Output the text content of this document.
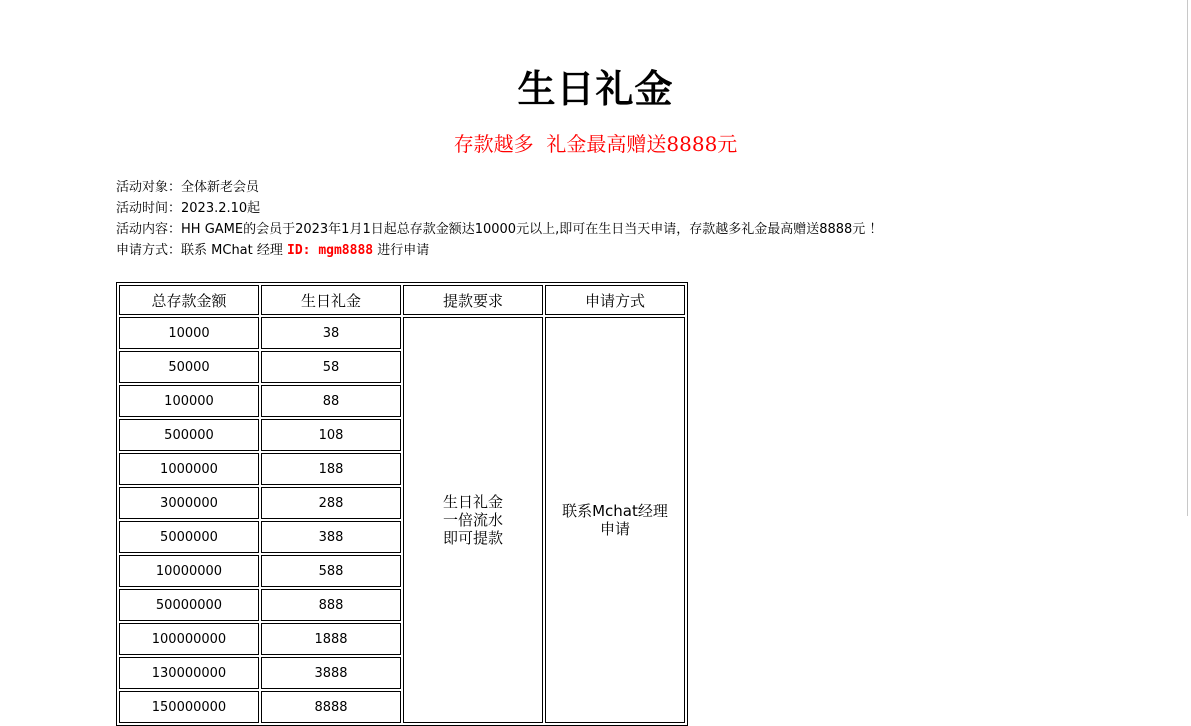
生日礼金
存款越多  礼金最高赠送8888元
活动对象：全体新老会员
活动时间：2023.2.10起
活动内容：HH GAME的会员于2023年1月1日起总存款金额达10000元以上,即可在生日当天申请，存款越多礼金最高赠送8888元 ！
申请方式：联系 MChat 经理 ID: mgm8888 进行申请
总存款金额	生日礼金	提款要求	申请方式
10000	38	生日礼金一倍流水即可提款	联系Mchat经理申请
50000	58		
100000	88		
500000	108		
1000000	188		
3000000	288		
5000000	388		
10000000	588		
50000000	888		
100000000	1888		
130000000	3888		
150000000	8888		
